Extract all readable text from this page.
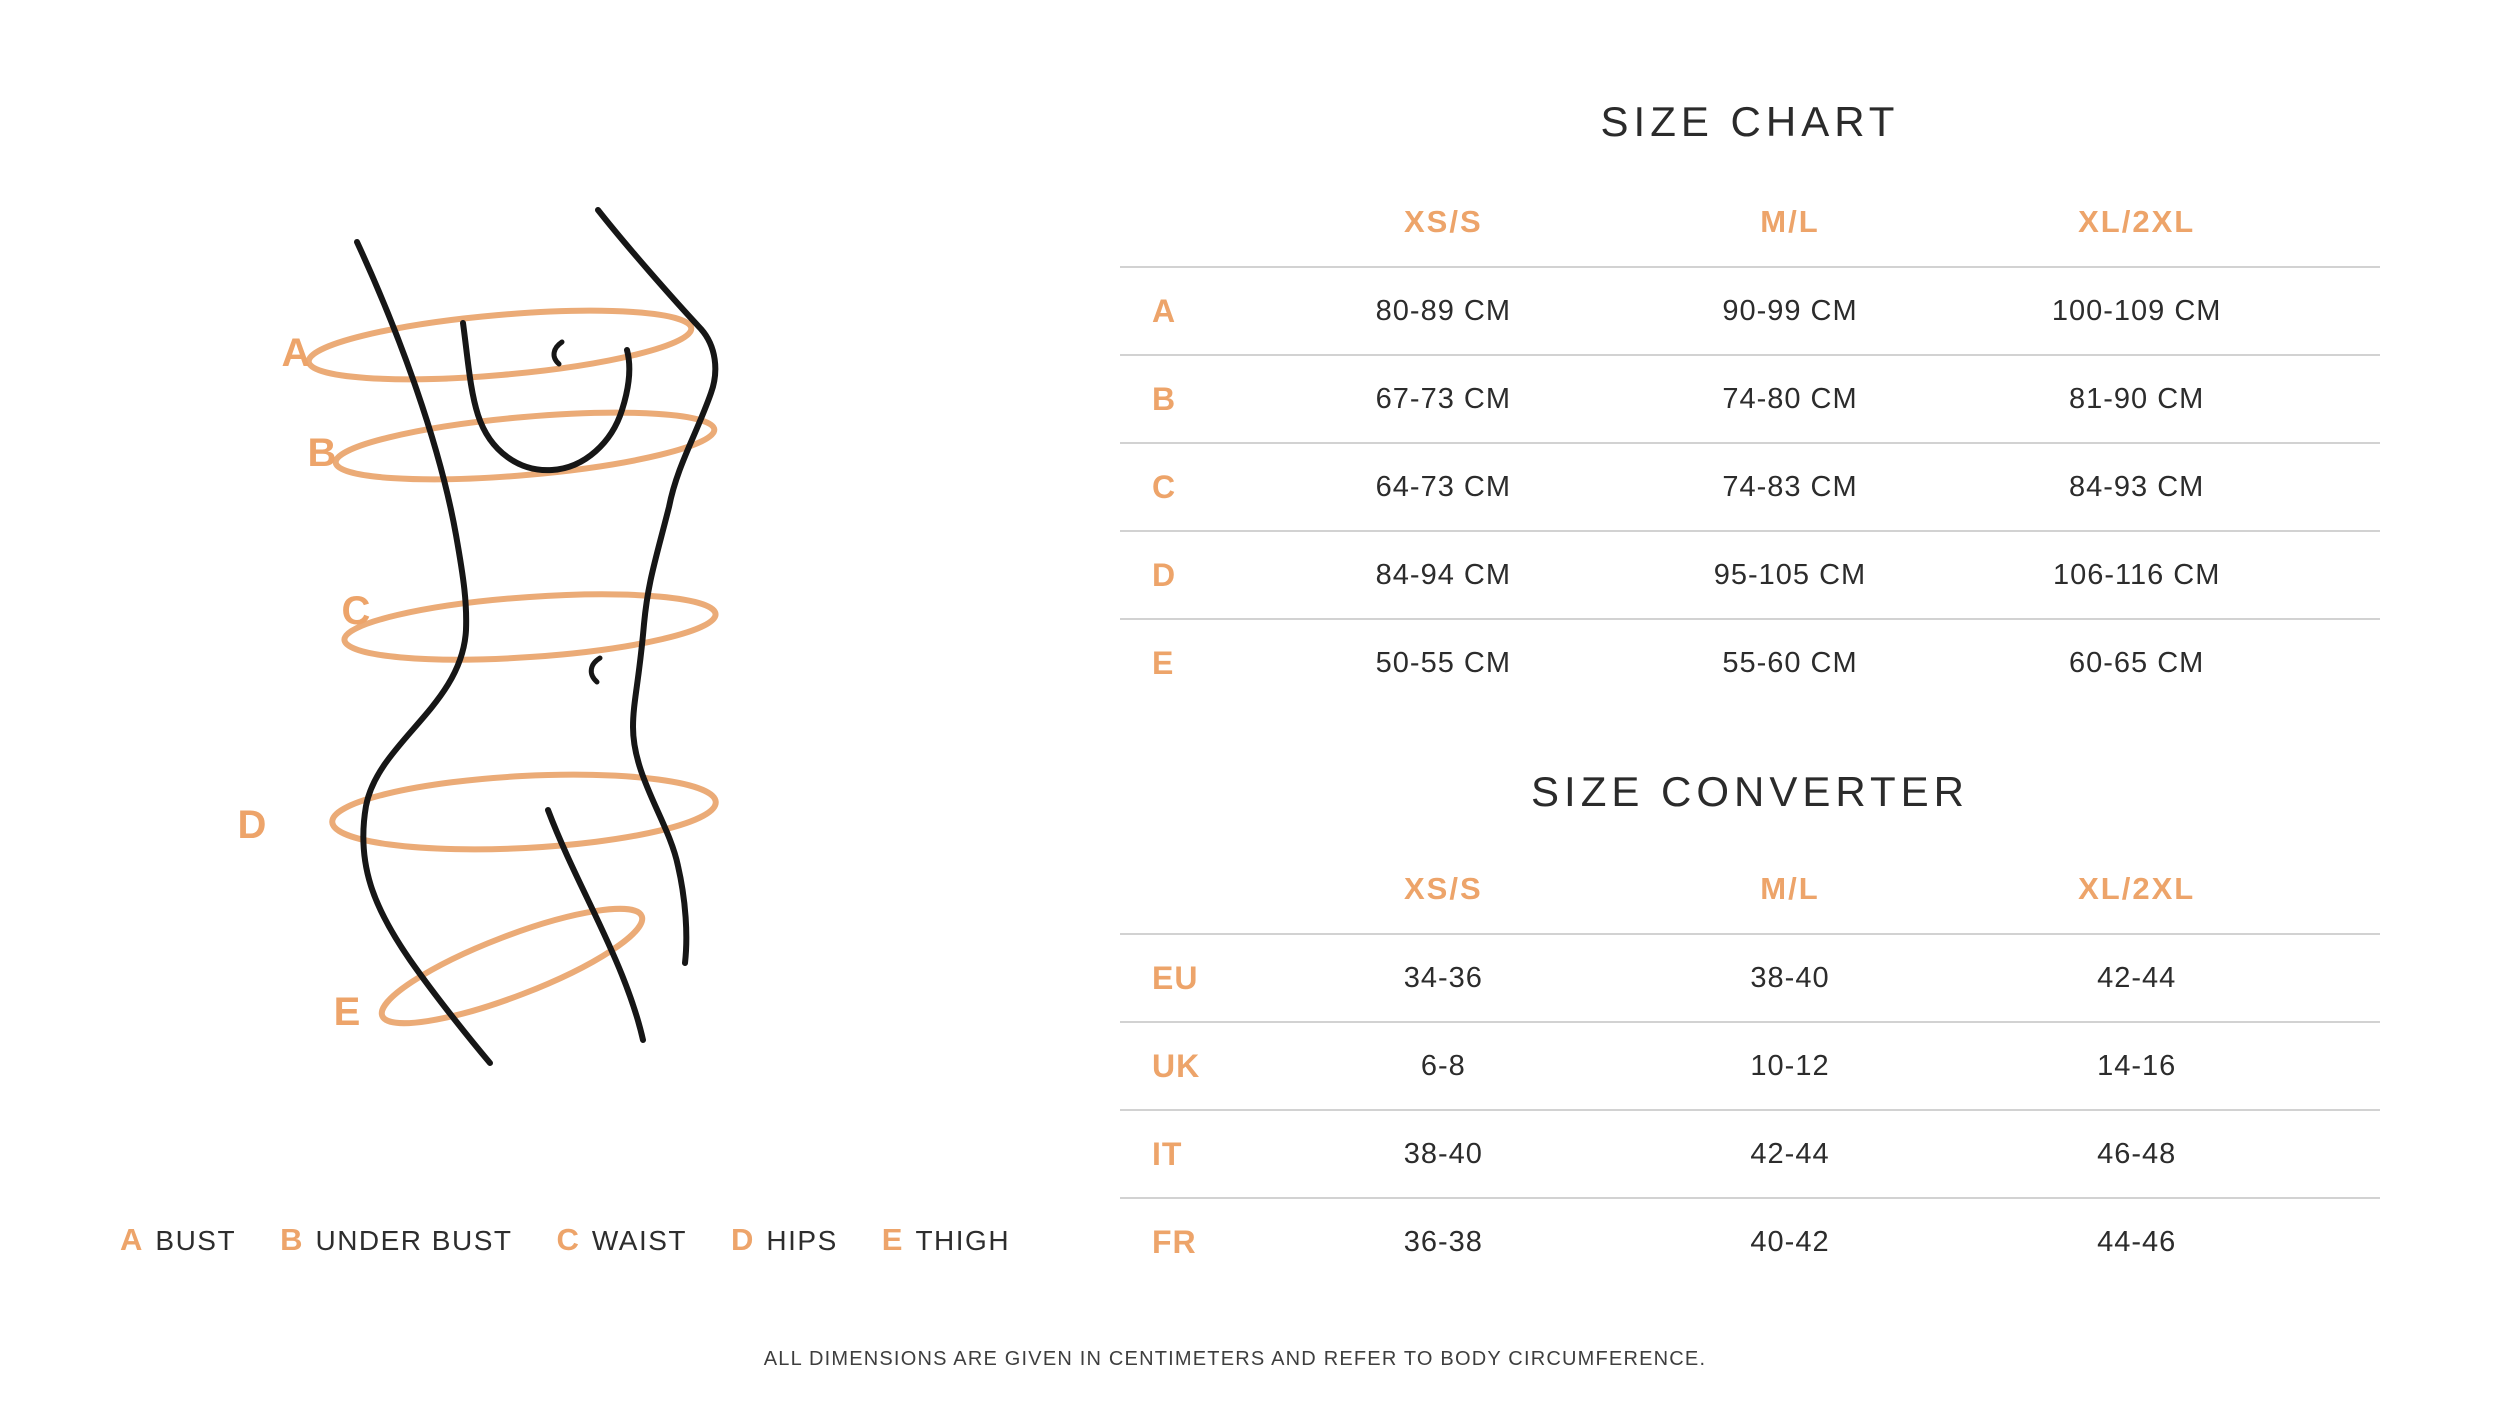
A
B
C
D
E
SIZE CHART
XS/S	M/L	XL/2XL
A	80-89 CM	90-99 CM	100-109 CM
B	67-73 CM	74-80 CM	81-90 CM
C	64-73 CM	74-83 CM	84-93 CM
D	84-94 CM	95-105 CM	106-116 CM
E	50-55 CM	55-60 CM	60-65 CM
SIZE CONVERTER
XS/S	M/L	XL/2XL
EU	34-36	38-40	42-44
UK	6-8	10-12	14-16
IT	38-40	42-44	46-48
FR	36-38	40-42	44-46
A BUST B UNDER BUST C WAIST D HIPS E THIGH
ALL DIMENSIONS ARE GIVEN IN CENTIMETERS AND REFER TO BODY CIRCUMFERENCE.
